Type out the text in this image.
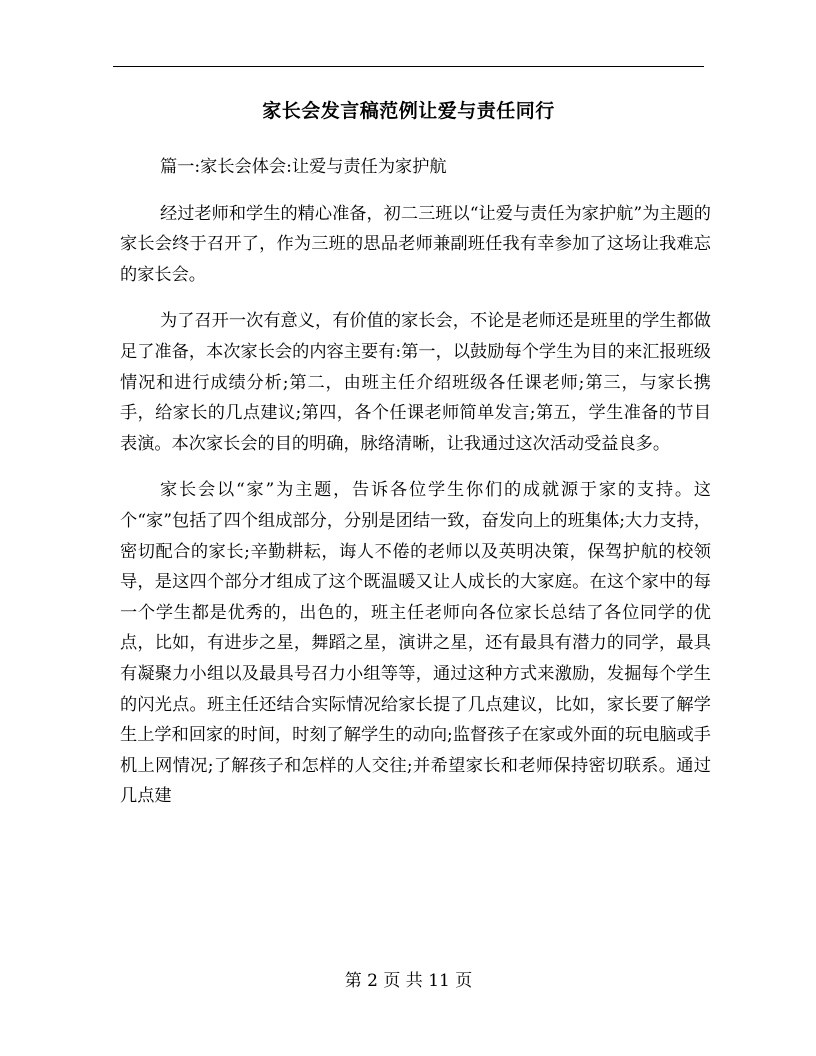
家长会发言稿范例让爱与责任同行

篇一:家长会体会:让爱与责任为家护航

经过老师和学生的精心准备，初二三班以“让爱与责任为家护航”为主题的家长会终于召开了，作为三班的思品老师兼副班任我有幸参加了这场让我难忘的家长会。

为了召开一次有意义，有价值的家长会，不论是老师还是班里的学生都做足了准备，本次家长会的内容主要有:第一，以鼓励每个学生为目的来汇报班级情况和进行成绩分析;第二，由班主任介绍班级各任课老师;第三，与家长携手，给家长的几点建议;第四，各个任课老师简单发言;第五，学生准备的节目表演。本次家长会的目的明确，脉络清晰，让我通过这次活动受益良多。

家长会以“家”为主题，告诉各位学生你们的成就源于家的支持。这个“家”包括了四个组成部分，分别是团结一致，奋发向上的班集体;大力支持，密切配合的家长;辛勤耕耘，诲人不倦的老师以及英明决策，保驾护航的校领导，是这四个部分才组成了这个既温暖又让人成长的大家庭。在这个家中的每一个学生都是优秀的，出色的，班主任老师向各位家长总结了各位同学的优点，比如，有进步之星，舞蹈之星，演讲之星，还有最具有潜力的同学，最具有凝聚力小组以及最具号召力小组等等，通过这种方式来激励，发掘每个学生的闪光点。班主任还结合实际情况给家长提了几点建议，比如，家长要了解学生上学和回家的时间，时刻了解学生的动向;监督孩子在家或外面的玩电脑或手机上网情况;了解孩子和怎样的人交往;并希望家长和老师保持密切联系。通过几点建

第 2 页 共 11 页
